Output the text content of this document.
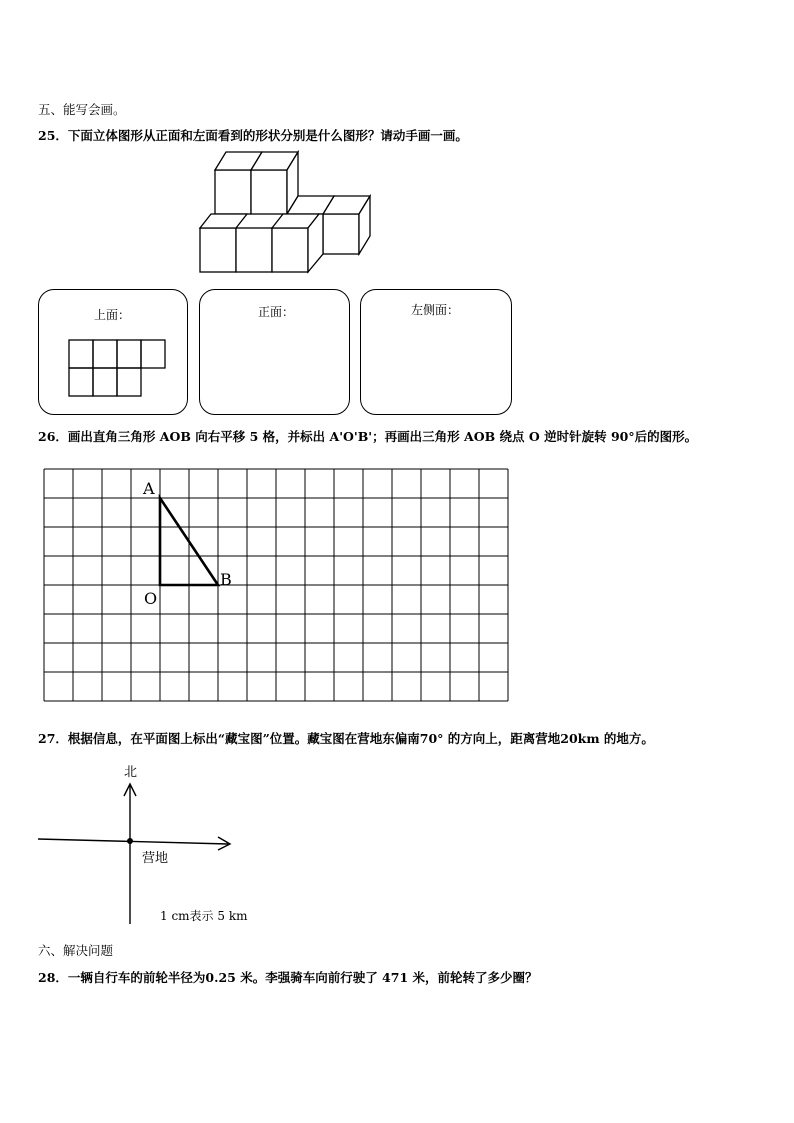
五、能写会画。
25．下面立体图形从正面和左面看到的形状分别是什么图形？请动手画一画。
上面：	正面：	左侧面：
26．画出直角三角形 AOB 向右平移 5 格，并标出 A'O'B'；再画出三角形 AOB 绕点 O 逆时针旋转 90°后的图形。
A
B
O
27．根据信息，在平面图上标出“藏宝图”位置。藏宝图在营地东偏南70° 的方向上，距离营地20km 的地方。
北
营地
1 cm表示 5 km
六、解决问题
28．一辆自行车的前轮半径为0.25 米。李强骑车向前行驶了 471 米，前轮转了多少圈？
